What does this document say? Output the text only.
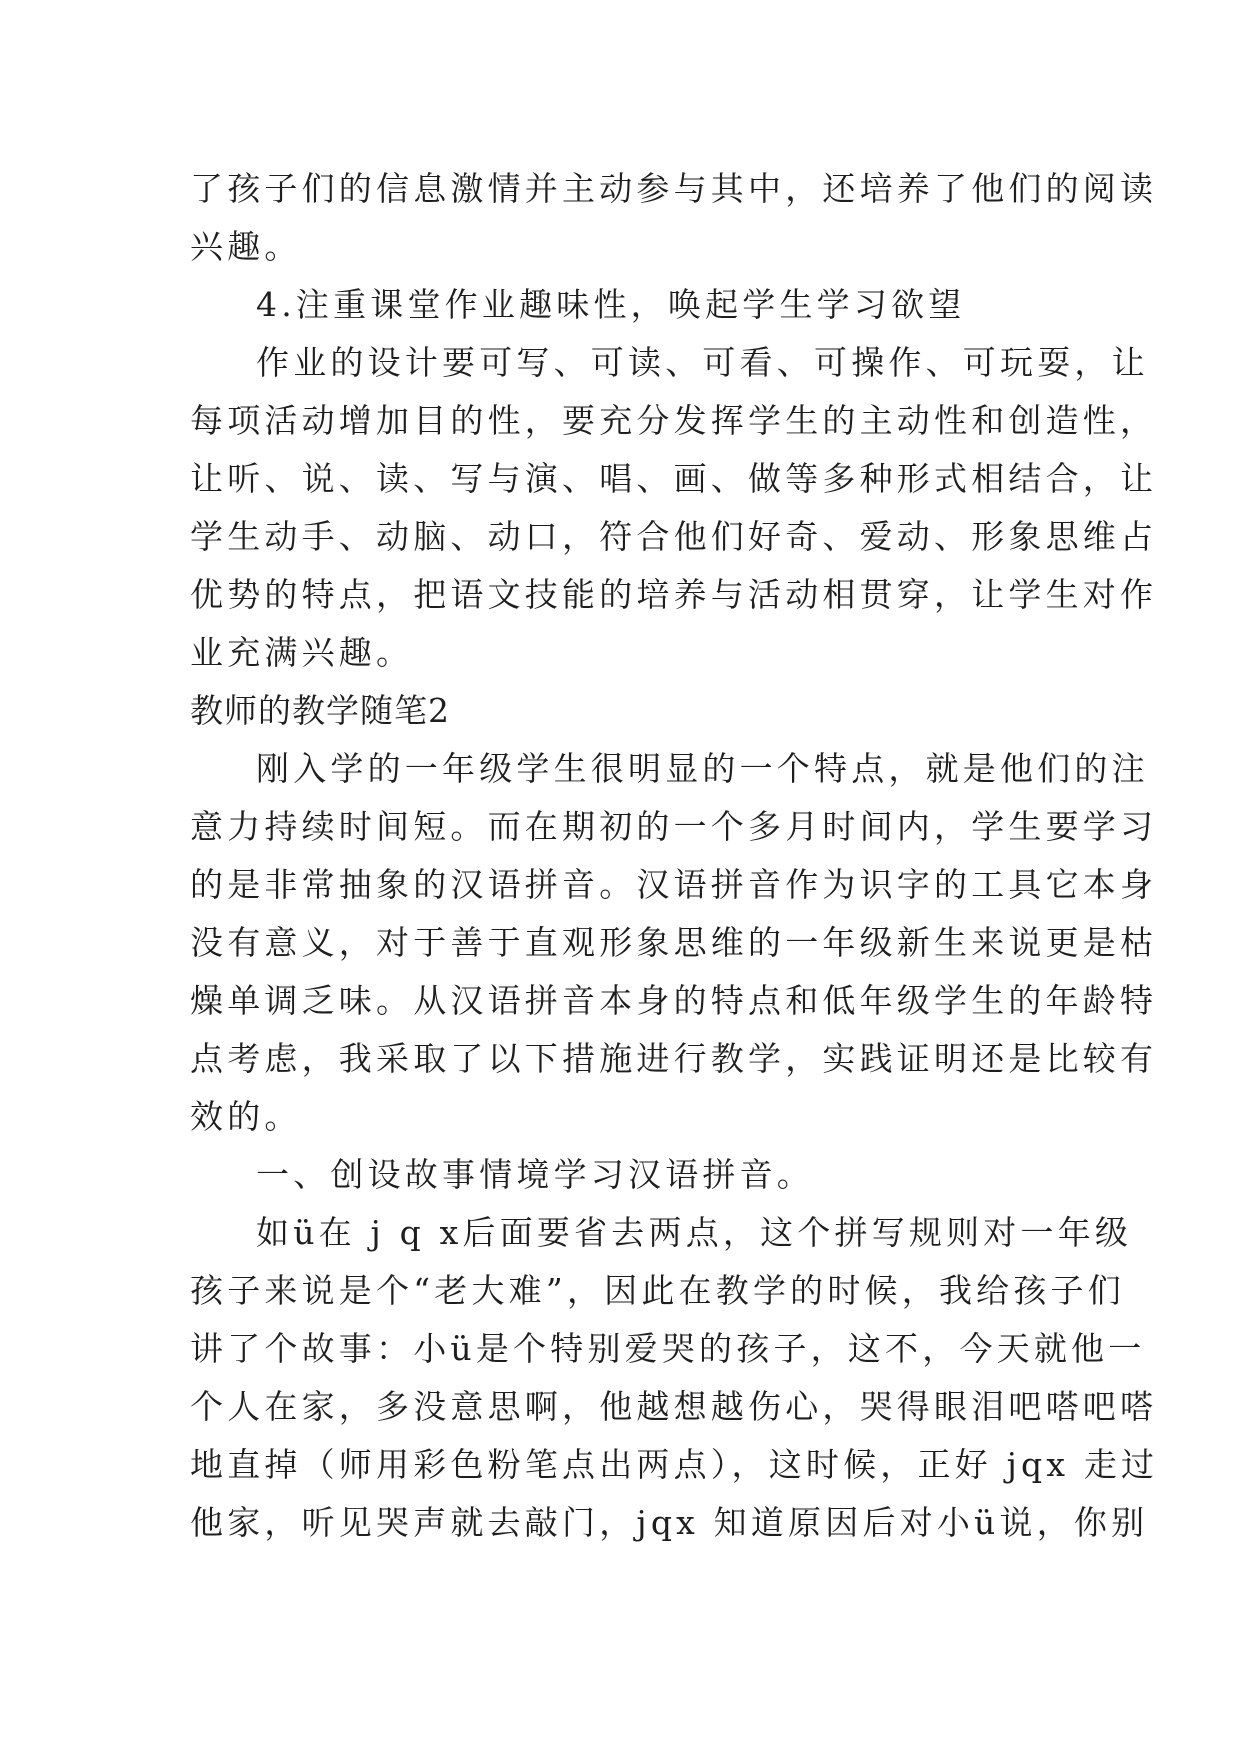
了孩子们的信息激情并主动参与其中，还培养了他们的阅读
兴趣。
4.注重课堂作业趣味性，唤起学生学习欲望
作业的设计要可写、可读、可看、可操作、可玩耍，让
每项活动增加目的性，要充分发挥学生的主动性和创造性，
让听、说、读、写与演、唱、画、做等多种形式相结合，让
学生动手、动脑、动口，符合他们好奇、爱动、形象思维占
优势的特点，把语文技能的培养与活动相贯穿，让学生对作
业充满兴趣。
教师的教学随笔2
刚入学的一年级学生很明显的一个特点，就是他们的注
意力持续时间短。而在期初的一个多月时间内，学生要学习
的是非常抽象的汉语拼音。汉语拼音作为识字的工具它本身
没有意义，对于善于直观形象思维的一年级新生来说更是枯
燥单调乏味。从汉语拼音本身的特点和低年级学生的年龄特
点考虑，我采取了以下措施进行教学，实践证明还是比较有
效的。
一、创设故事情境学习汉语拼音。
如ü在 j q x后面要省去两点，这个拼写规则对一年级
孩子来说是个“老大难”，因此在教学的时候，我给孩子们
讲了个故事：小ü是个特别爱哭的孩子，这不，今天就他一
个人在家，多没意思啊，他越想越伤心，哭得眼泪吧嗒吧嗒
地直掉（师用彩色粉笔点出两点），这时候，正好 jqx 走过
他家，听见哭声就去敲门，jqx 知道原因后对小ü说，你别
